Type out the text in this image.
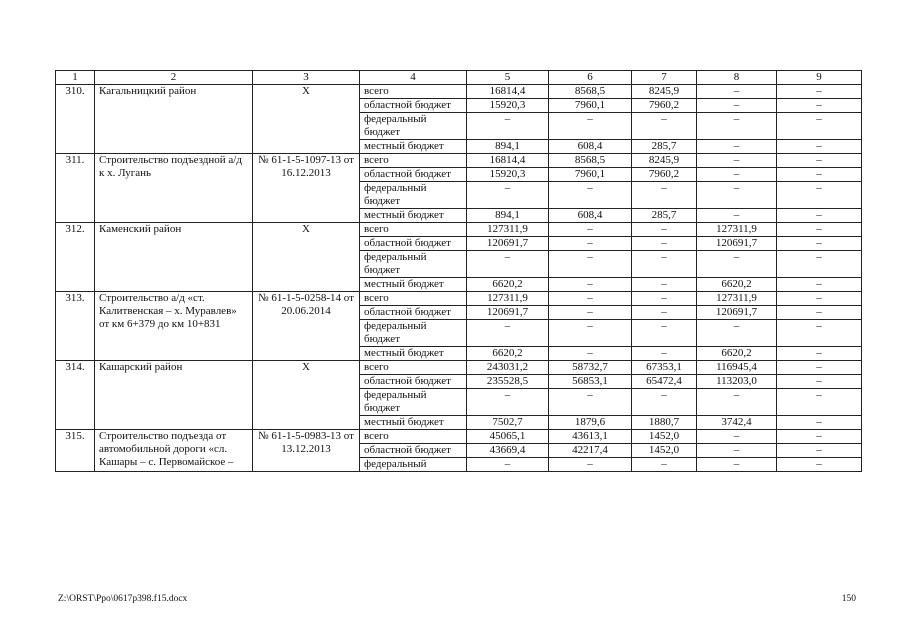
1	2	3	4	5	6	7	8	9
310.	Кагальницкий район	Х	всего	16814,4	8568,5	8245,9	–	–
			областной бюджет	15920,3	7960,1	7960,2	–	–
			федеральный бюджет	–	–	–	–	–
			местный бюджет	894,1	608,4	285,7	–	–
311.	Строительство подъездной а/д к х. Лугань	№ 61-1-5-1097-13 от 16.12.2013	всего	16814,4	8568,5	8245,9	–	–
			областной бюджет	15920,3	7960,1	7960,2	–	–
			федеральный бюджет	–	–	–	–	–
			местный бюджет	894,1	608,4	285,7	–	–
312.	Каменский район	Х	всего	127311,9	–	–	127311,9	–
			областной бюджет	120691,7	–	–	120691,7	–
			федеральный бюджет	–	–	–	–	–
			местный бюджет	6620,2	–	–	6620,2	–
313.	Строительство а/д «ст. Калитвенская – х. Муравлев» от км 6+379 до км 10+831	№ 61-1-5-0258-14 от 20.06.2014	всего	127311,9	–	–	127311,9	–
			областной бюджет	120691,7	–	–	120691,7	–
			федеральный бюджет	–	–	–	–	–
			местный бюджет	6620,2	–	–	6620,2	–
314.	Кашарский район	Х	всего	243031,2	58732,7	67353,1	116945,4	–
			областной бюджет	235528,5	56853,1	65472,4	113203,0	–
			федеральный бюджет	–	–	–	–	–
			местный бюджет	7502,7	1879,6	1880,7	3742,4	–
315.	Строительство подъезда от автомобильной дороги «сл. Кашары – с. Первомайское –	№ 61-1-5-0983-13 от 13.12.2013	всего	45065,1	43613,1	1452,0	–	–
			областной бюджет	43669,4	42217,4	1452,0	–	–
			федеральный	–	–	–	–	–
Z:\ORST\Ppo\0617p398.f15.docx	150
